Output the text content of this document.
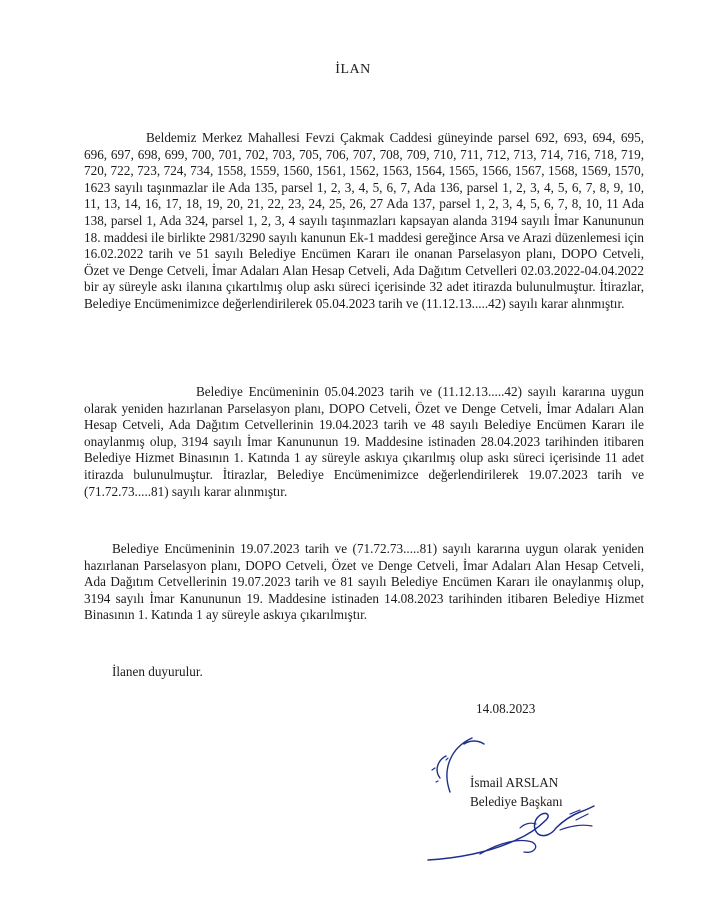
İLAN

Beldemiz Merkez Mahallesi Fevzi Çakmak Caddesi güneyinde parsel 692, 693, 694, 695, 696, 697, 698, 699, 700, 701, 702, 703, 705, 706, 707, 708, 709, 710, 711, 712, 713, 714, 716, 718, 719, 720, 722, 723, 724, 734, 1558, 1559, 1560, 1561, 1562, 1563, 1564, 1565, 1566, 1567, 1568, 1569, 1570, 1623 sayılı taşınmazlar ile Ada 135, parsel 1, 2, 3, 4, 5, 6, 7, Ada 136, parsel 1, 2, 3, 4, 5, 6, 7, 8, 9, 10, 11, 13, 14, 16, 17, 18, 19, 20, 21, 22, 23, 24, 25, 26, 27 Ada 137, parsel 1, 2, 3, 4, 5, 6, 7, 8, 10, 11 Ada 138, parsel 1, Ada 324, parsel 1, 2, 3, 4 sayılı taşınmazları kapsayan alanda 3194 sayılı İmar Kanununun 18. maddesi ile birlikte 2981/3290 sayılı kanunun Ek-1 maddesi gereğince Arsa ve Arazi düzenlemesi için 16.02.2022 tarih ve 51 sayılı Belediye Encümen Kararı ile onanan Parselasyon planı, DOPO Cetveli, Özet ve Denge Cetveli, İmar Adaları Alan Hesap Cetveli, Ada Dağıtım Cetvelleri 02.03.2022-04.04.2022 bir ay süreyle askı ilanına çıkartılmış olup askı süreci içerisinde 32 adet itirazda bulunulmuştur. İtirazlar, Belediye Encümenimizce değerlendirilerek 05.04.2023 tarih ve (11.12.13.....42) sayılı karar alınmıştır.

Belediye Encümeninin 05.04.2023 tarih ve (11.12.13.....42) sayılı kararına uygun olarak yeniden hazırlanan Parselasyon planı, DOPO Cetveli, Özet ve Denge Cetveli, İmar Adaları Alan Hesap Cetveli, Ada Dağıtım Cetvellerinin 19.04.2023 tarih ve 48 sayılı Belediye Encümen Kararı ile onaylanmış olup, 3194 sayılı İmar Kanununun 19. Maddesine istinaden 28.04.2023 tarihinden itibaren Belediye Hizmet Binasının 1. Katında 1 ay süreyle askıya çıkarılmış olup askı süreci içerisinde 11 adet itirazda bulunulmuştur. İtirazlar, Belediye Encümenimizce değerlendirilerek 19.07.2023 tarih ve (71.72.73.....81) sayılı karar alınmıştır.

Belediye Encümeninin 19.07.2023 tarih ve (71.72.73.....81) sayılı kararına uygun olarak yeniden hazırlanan Parselasyon planı, DOPO Cetveli, Özet ve Denge Cetveli, İmar Adaları Alan Hesap Cetveli, Ada Dağıtım Cetvellerinin 19.07.2023 tarih ve 81 sayılı Belediye Encümen Kararı ile onaylanmış olup, 3194 sayılı İmar Kanununun 19. Maddesine istinaden 14.08.2023 tarihinden itibaren Belediye Hizmet Binasının 1. Katında 1 ay süreyle askıya çıkarılmıştır.

İlanen duyurulur.
14.08.2023
İsmail ARSLAN
Belediye Başkanı
